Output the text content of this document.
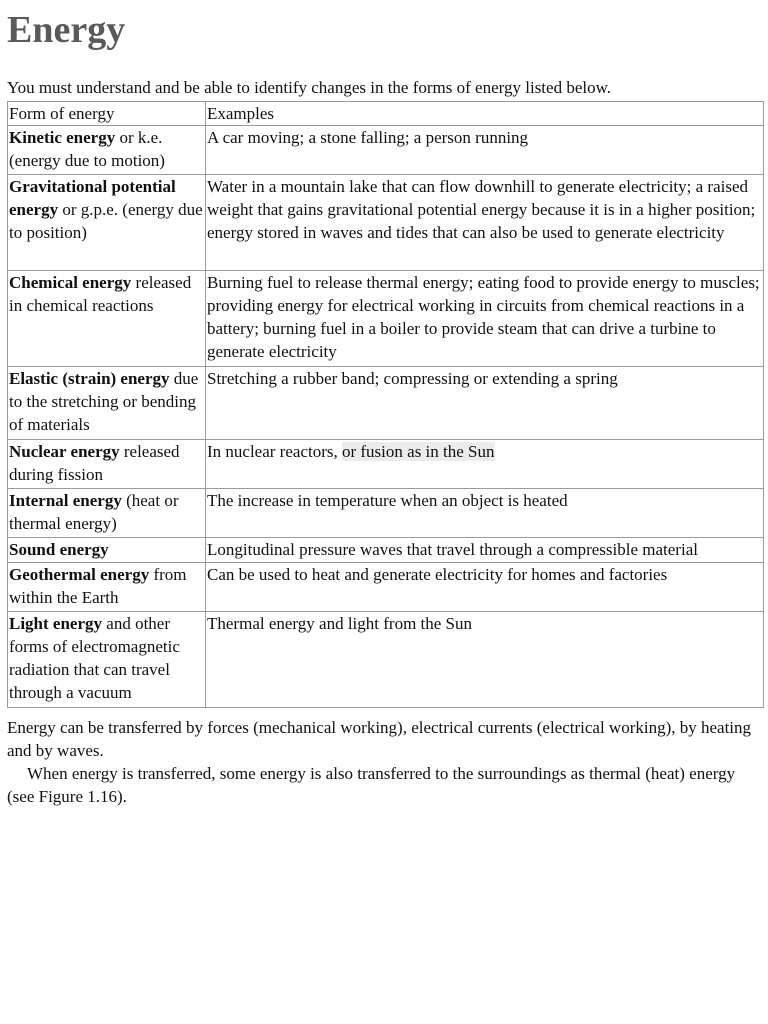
Energy

You must understand and be able to identify changes in the forms of energy listed below.

Form of energy	Examples
Kinetic energy or k.e. (energy due to motion)	A car moving; a stone falling; a person running
Gravitational potential energy or g.p.e. (energy due to position)	Water in a mountain lake that can flow downhill to generate electricity; a raised weight that gains gravitational potential energy because it is in a higher position; energy stored in waves and tides that can also be used to generate electricity
Chemical energy released in chemical reactions	Burning fuel to release thermal energy; eating food to provide energy to muscles; providing energy for electrical working in circuits from chemical reactions in a battery; burning fuel in a boiler to provide steam that can drive a turbine to generate electricity
Elastic (strain) energy due to the stretching or bending of materials	Stretching a rubber band; compressing or extending a spring
Nuclear energy released during fission	In nuclear reactors, or fusion as in the Sun
Internal energy (heat or thermal energy)	The increase in temperature when an object is heated
Sound energy	Longitudinal pressure waves that travel through a compressible material
Geothermal energy from within the Earth	Can be used to heat and generate electricity for homes and factories
Light energy and other forms of electromagnetic radiation that can travel through a vacuum	Thermal energy and light from the Sun

Energy can be transferred by forces (mechanical working), electrical currents (electrical working), by heating and by waves.

When energy is transferred, some energy is also transferred to the surroundings as thermal (heat) energy (see Figure 1.16).
